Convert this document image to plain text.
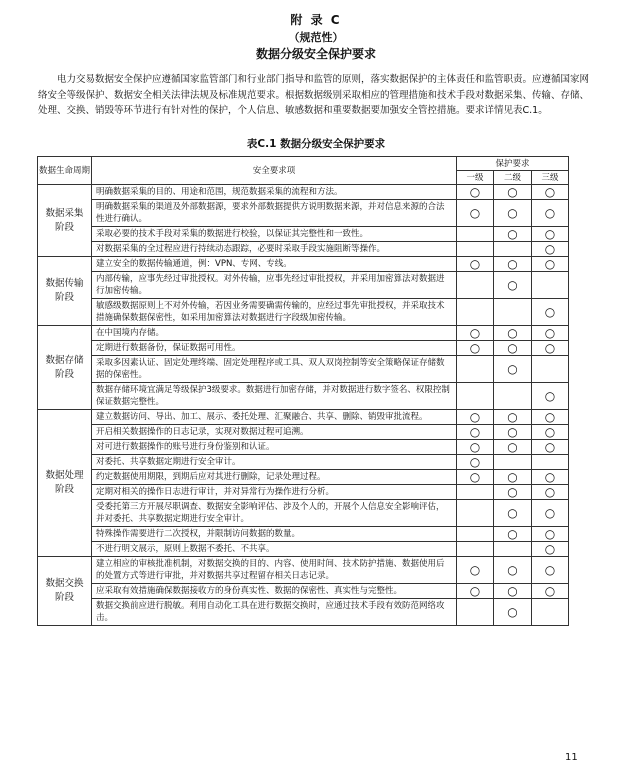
附 录 C
（规范性）
数据分级安全保护要求
电力交易数据安全保护应遵循国家监管部门和行业部门指导和监管的原则，落实数据保护的主体责任和监管职责。应遵循国家网络安全等级保护、数据安全相关法律法规及标准规范要求。根据数据级别采取相应的管理措施和技术手段对数据采集、传输、存储、处理、交换、销毁等环节进行有针对性的保护，个人信息、敏感数据和重要数据要加强安全管控措施。要求详情见表C.1。
表C.1 数据分级安全保护要求
数据生命周期	安全要求项	保护要求		
		一级	二级	三级
数据采集阶段	明确数据采集的目的、用途和范围，规范数据采集的流程和方法。	○	○	○
	明确数据采集的渠道及外部数据源，要求外部数据提供方说明数据来源，并对信息来源的合法性进行确认。	○	○	○
	采取必要的技术手段对采集的数据进行校验，以保证其完整性和一致性。		○	○
	对数据采集的全过程应进行持续动态跟踪，必要时采取手段实施阻断等操作。			○
数据传输阶段	建立安全的数据传输通道，例：VPN、专网、专线。	○	○	○
	内部传输，应事先经过审批授权。对外传输，应事先经过审批授权，并采用加密算法对数据进行加密传输。		○	
	敏感级数据原则上不对外传输，若因业务需要确需传输的，应经过事先审批授权，并采取技术措施确保数据保密性，如采用加密算法对数据进行字段级加密传输。			○
数据存储阶段	在中国境内存储。	○	○	○
	定期进行数据备份，保证数据可用性。	○	○	○
	采取多因素认证、固定处理终端、固定处理程序或工具、双人双岗控制等安全策略保证存储数据的保密性。		○	
	数据存储环境宜满足等级保护3级要求。数据进行加密存储，并对数据进行数字签名、权限控制保证数据完整性。			○
数据处理阶段	建立数据访问、导出、加工、展示、委托处理、汇聚融合、共享、删除、销毁审批流程。	○	○	○
	开启相关数据操作的日志记录，实现对数据过程可追溯。	○	○	○
	对可进行数据操作的账号进行身份鉴别和认证。	○	○	○
	对委托、共享数据定期进行安全审计。	○		
	约定数据使用期限，到期后应对其进行删除，记录处理过程。	○	○	○
	定期对相关的操作日志进行审计，并对异常行为操作进行分析。		○	○
	受委托第三方开展尽职调查、数据安全影响评估、涉及个人的，开展个人信息安全影响评估，并对委托、共享数据定期进行安全审计。		○	○
	特殊操作需要进行二次授权，并限制访问数据的数量。		○	○
	不进行明文展示，原则上数据不委托、不共享。			○
数据交换阶段	建立相应的审核批准机制，对数据交换的目的、内容、使用时间、技术防护措施、数据使用后的处置方式等进行审批，并对数据共享过程留存相关日志记录。	○	○	○
	应采取有效措施确保数据接收方的身份真实性、数据的保密性、真实性与完整性。	○	○	○
	数据交换前应进行脱敏。利用自动化工具在进行数据交换时，应通过技术手段有效防范网络攻击。		○	
11
